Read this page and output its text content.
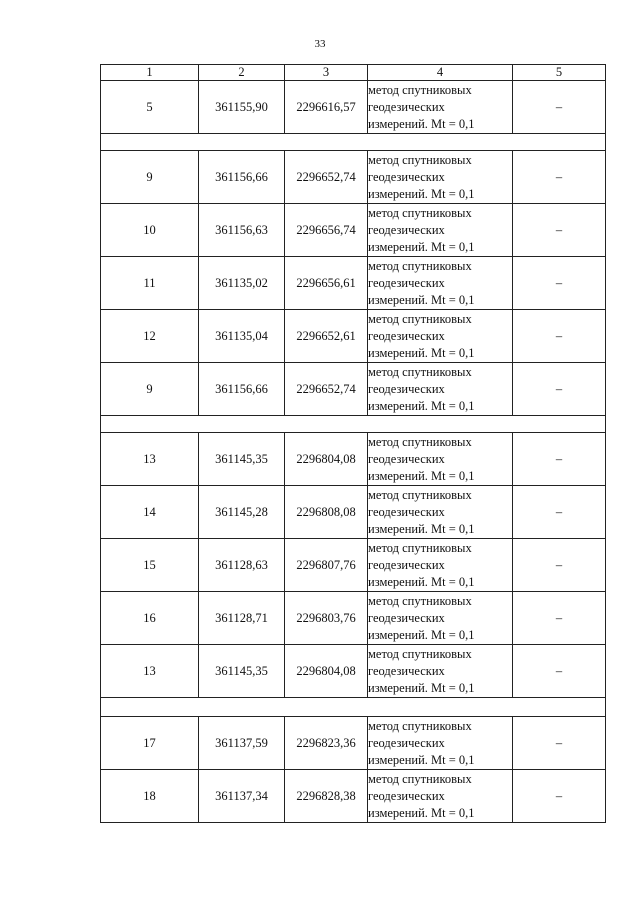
33
1	2	3	4	5
5	361155,90	2296616,57	метод спутниковых
геодезических
измерений. Mt = 0,1	–

9	361156,66	2296652,74	метод спутниковых
геодезических
измерений. Mt = 0,1	–
10	361156,63	2296656,74	метод спутниковых
геодезических
измерений. Mt = 0,1	–
11	361135,02	2296656,61	метод спутниковых
геодезических
измерений. Mt = 0,1	–
12	361135,04	2296652,61	метод спутниковых
геодезических
измерений. Mt = 0,1	–
9	361156,66	2296652,74	метод спутниковых
геодезических
измерений. Mt = 0,1	–

13	361145,35	2296804,08	метод спутниковых
геодезических
измерений. Mt = 0,1	–
14	361145,28	2296808,08	метод спутниковых
геодезических
измерений. Mt = 0,1	–
15	361128,63	2296807,76	метод спутниковых
геодезических
измерений. Mt = 0,1	–
16	361128,71	2296803,76	метод спутниковых
геодезических
измерений. Mt = 0,1	–
13	361145,35	2296804,08	метод спутниковых
геодезических
измерений. Mt = 0,1	–

17	361137,59	2296823,36	метод спутниковых
геодезических
измерений. Mt = 0,1	–
18	361137,34	2296828,38	метод спутниковых
геодезических
измерений. Mt = 0,1	–
